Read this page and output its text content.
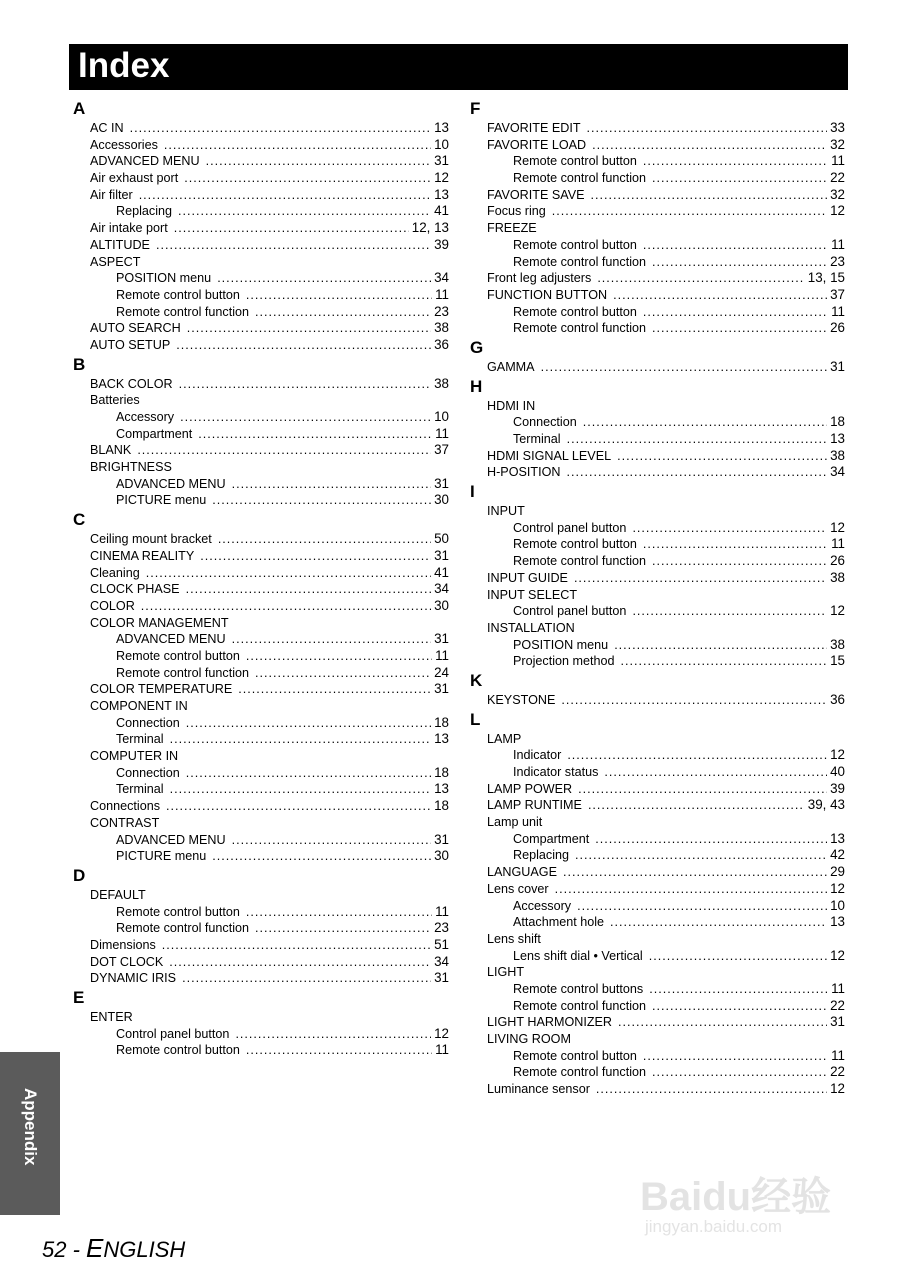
Index
A
AC IN .....	13
Accessories .....	10
ADVANCED MENU .....	31
Air exhaust port .....	12
Air filter .....	13
Replacing .....	41
Air intake port .....	12, 13
ALTITUDE .....	39
ASPECT
POSITION menu .....	34
Remote control button .....	11
Remote control function .....	23
AUTO SEARCH .....	38
AUTO SETUP .....	36
B
BACK COLOR .....	38
Batteries
Accessory .....	10
Compartment .....	11
BLANK .....	37
BRIGHTNESS
ADVANCED MENU .....	31
PICTURE menu .....	30
C
Ceiling mount bracket .....	50
CINEMA REALITY .....	31
Cleaning .....	41
CLOCK PHASE .....	34
COLOR .....	30
COLOR MANAGEMENT
ADVANCED MENU .....	31
Remote control button .....	11
Remote control function .....	24
COLOR TEMPERATURE .....	31
COMPONENT IN
Connection .....	18
Terminal .....	13
COMPUTER IN
Connection .....	18
Terminal .....	13
Connections .....	18
CONTRAST
ADVANCED MENU .....	31
PICTURE menu .....	30
D
DEFAULT
Remote control button .....	11
Remote control function .....	23
Dimensions .....	51
DOT CLOCK .....	34
DYNAMIC IRIS .....	31
E
ENTER
Control panel button .....	12
Remote control button .....	11
F
FAVORITE EDIT .....	33
FAVORITE LOAD .....	32
Remote control button .....	11
Remote control function .....	22
FAVORITE SAVE .....	32
Focus ring .....	12
FREEZE
Remote control button .....	11
Remote control function .....	23
Front leg adjusters .....	13, 15
FUNCTION BUTTON .....	37
Remote control button .....	11
Remote control function .....	26
G
GAMMA .....	31
H
HDMI IN
Connection .....	18
Terminal .....	13
HDMI SIGNAL LEVEL .....	38
H-POSITION .....	34
I
INPUT
Control panel button .....	12
Remote control button .....	11
Remote control function .....	26
INPUT GUIDE .....	38
INPUT SELECT
Control panel button .....	12
INSTALLATION
POSITION menu .....	38
Projection method .....	15
K
KEYSTONE .....	36
L
LAMP
Indicator .....	12
Indicator status .....	40
LAMP POWER .....	39
LAMP RUNTIME .....	39, 43
Lamp unit
Compartment .....	13
Replacing .....	42
LANGUAGE .....	29
Lens cover .....	12
Accessory .....	10
Attachment hole .....	13
Lens shift
Lens shift dial • Vertical .....	12
LIGHT
Remote control buttons .....	11
Remote control function .....	22
LIGHT HARMONIZER .....	31
LIVING ROOM
Remote control button .....	11
Remote control function .....	22
Luminance sensor .....	12
Appendix
52 - ENGLISH
Baidu经验
jingyan.baidu.com
